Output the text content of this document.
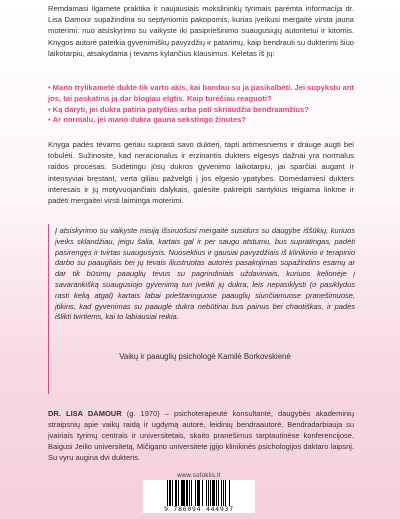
Remdamasi ilgamete praktika ir naujausiais mokslininkų tyrimais parémta informacija dr. Lisa Damour supažindina su septyniomis pakopomis, kurias įveikusi mergaitė virsta jauna moterimi: nuo atsiskyrimo su vaikyste iki pasipriešinimo suaugusiųjų autoritetui ir kitomis. Knygos autorė pateikia gyvenimiškų pavyzdžių ir patarimų, kaip bendrauti su dukterimi šiuo laikotarpiu, atsakydama į tėvams kylančius klausimus. Keletas iš jų:

• Mano trylikametė duktė tik varto akis, kai bandau su ja pasikalbėti. Jei supykstu ant jos, tai paskatina ją dar blogiau elgtis. Kaip turėčiau reaguoti?

• Ką daryti, jei dukra patiria patyčias arba pati skriaudžia bendraamžius?

• Ar normalu, jei mano dukra gauna sekstingo žinutes?

Knyga padės tėvams geriau suprasti savo dukterį, tapti artimesniems ir drauge augti bei tobulėti. Sužinosite, kad neracionalus ir erzinantis dukters elgesys dažnai yra normalus raidos procesas. Sudėtingu jūsų dukros gyvenimo laikotarpiu, jai sparčiai augant ir intensyviai bręstant, verta giliau pažvelgti į jos elgesio ypatybes. Domėdamiesi dukters interesais ir jų motyvuojančiais dalykais, galėsite pakreipti santykius teigiama linkme ir padėti mergaitei virsti laiminga moterimi.

Į atsiskyrimo su vaikyste misiją išsiruošusi mergaitė susidurs su daugybe iššūkių, kuriuos įveiks sklandžiau, jeigu šalia, kartais gal ir per saugu atstumu, bus supratingas, padėti pasirengęs ir tvirtas suaugusysis. Nuoseklius ir gausiai pavyzdžiais iš klinikinio ir terapinio darbo su paaugliais bei jų tėvais iliustruotas autorės pasakojimas supažindins esamų ar dar tik būsimų paauglių tėvus su pagrindiniais uždaviniais, kuriuos kelionėje į savarankišką suaugusiojo gyvenimą turi įveikti jų dukra, leis nepasiklysti (o pasiklydus rasti kelią atgal) kartais labai prieštaringuose paauglių siunčiamuose pranešimuose, įtikins, kad gyvenimas su paauglė dukra nebūtinai bus painus bei chaotiškas, ir padės išlikti tvirtiems, kai to labiausiai reikia.

Vaikų ir paauglių psichologė Kamilė Borkovskienė

DR. LISA DAMOUR (g. 1970) – psichoterapeutė konsultantė, daugybės akademinių straipsnių apie vaikų raidą ir ugdymą autorė, leidinių bendraautorė. Bendradarbiauja su įvairiais tyrimų centrais ir universitetais, skaito pranešimus tarptautinėse konferencijose. Baigusi Jeilio universitetą, Mičigano universitete įgijo klinikinės psichologijos daktaro laipsnį. Su vyru augina dvi dukteris.

www.sofoklis.lt
9 786094 444937
